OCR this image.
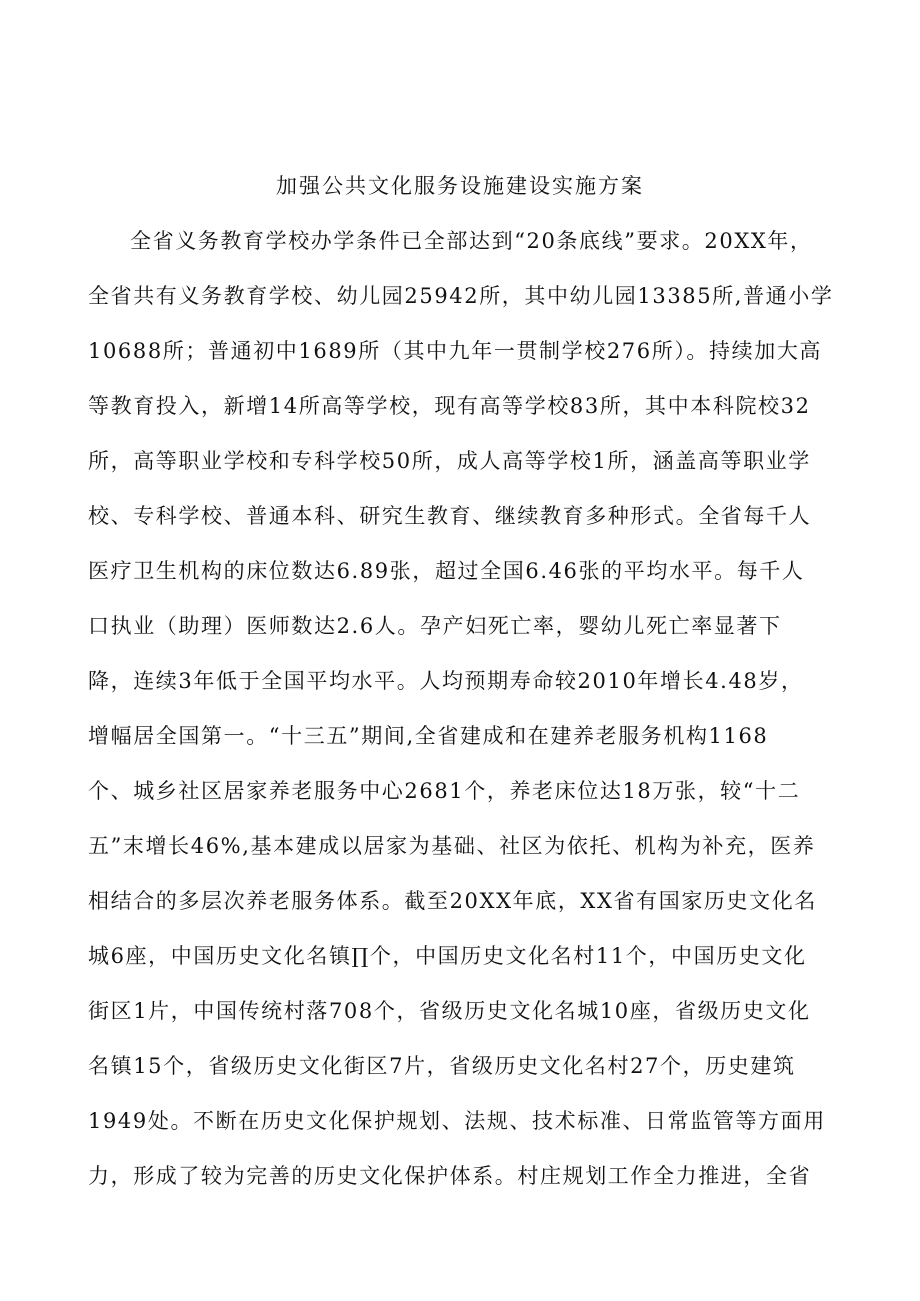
加强公共文化服务设施建设实施方案
全省义务教育学校办学条件已全部达到“20条底线”要求。20XX年，
全省共有义务教育学校、幼儿园25942所，其中幼儿园13385所,普通小学
10688所；普通初中1689所（其中九年一贯制学校276所）。持续加大高
等教育投入，新增14所高等学校，现有高等学校83所，其中本科院校32
所，高等职业学校和专科学校50所，成人高等学校1所，涵盖高等职业学
校、专科学校、普通本科、研究生教育、继续教育多种形式。全省每千人
医疗卫生机构的床位数达6.89张，超过全国6.46张的平均水平。每千人
口执业（助理）医师数达2.6人。孕产妇死亡率，婴幼儿死亡率显著下
降，连续3年低于全国平均水平。人均预期寿命较2010年增长4.48岁，
增幅居全国第一。“十三五”期间,全省建成和在建养老服务机构1168
个、城乡社区居家养老服务中心2681个，养老床位达18万张，较“十二
五”末增长46%,基本建成以居家为基础、社区为依托、机构为补充，医养
相结合的多层次养老服务体系。截至20XX年底，XX省有国家历史文化名
城6座，中国历史文化名镇∏个，中国历史文化名村11个，中国历史文化
街区1片，中国传统村落708个，省级历史文化名城10座，省级历史文化
名镇15个，省级历史文化街区7片，省级历史文化名村27个，历史建筑
1949处。不断在历史文化保护规划、法规、技术标准、日常监管等方面用
力，形成了较为完善的历史文化保护体系。村庄规划工作全力推进，全省
